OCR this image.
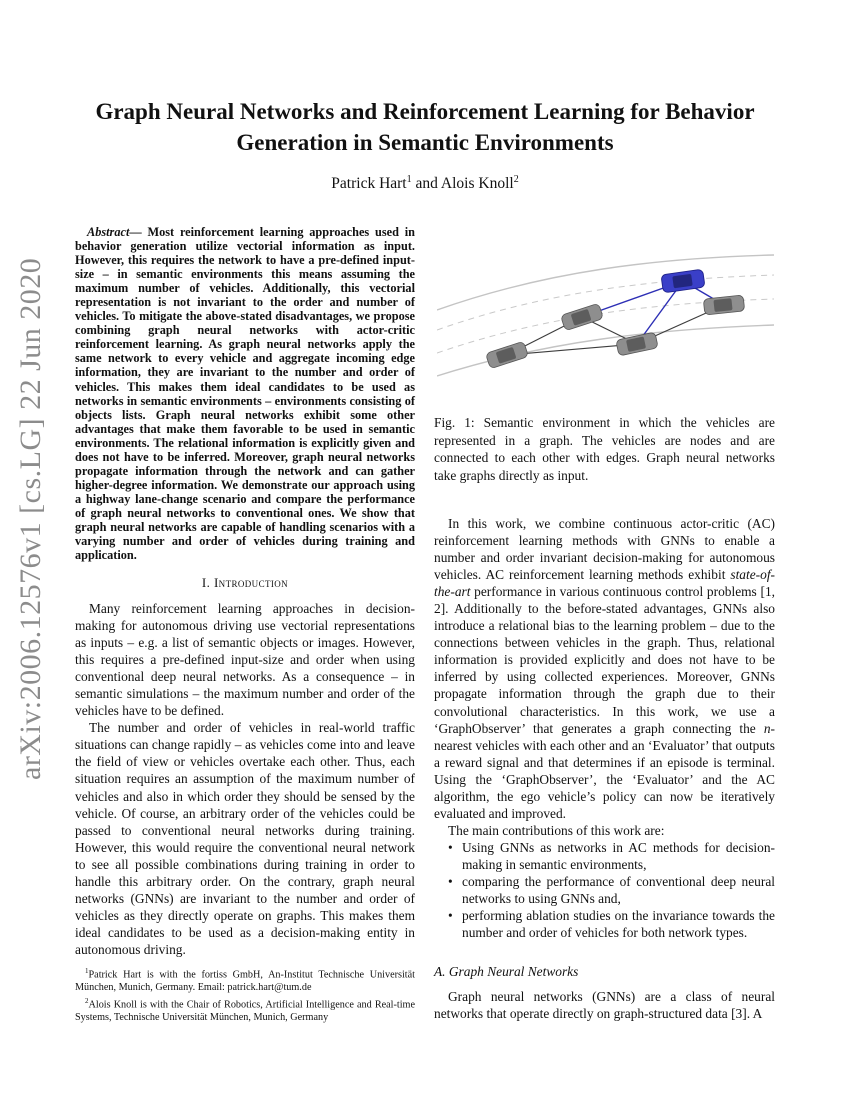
arXiv:2006.12576v1 [cs.LG] 22 Jun 2020
Graph Neural Networks and Reinforcement Learning for Behavior
Generation in Semantic Environments
Patrick Hart$^1$ and Alois Knoll$^2$
Abstract— Most reinforcement learning approaches used in behavior generation utilize vectorial information as input. However, this requires the network to have a pre-defined input-size – in semantic environments this means assuming the maximum number of vehicles. Additionally, this vectorial representation is not invariant to the order and number of vehicles. To mitigate the above-stated disadvantages, we propose combining graph neural networks with actor-critic reinforcement learning. As graph neural networks apply the same network to every vehicle and aggregate incoming edge information, they are invariant to the number and order of vehicles. This makes them ideal candidates to be used as networks in semantic environments – environments consisting of objects lists. Graph neural networks exhibit some other advantages that make them favorable to be used in semantic environments. The relational information is explicitly given and does not have to be inferred. Moreover, graph neural networks propagate information through the network and can gather higher-degree information. We demonstrate our approach using a highway lane-change scenario and compare the performance of graph neural networks to conventional ones. We show that graph neural networks are capable of handling scenarios with a varying number and order of vehicles during training and application.
I. Introduction

Many reinforcement learning approaches in decision-making for autonomous driving use vectorial representations as inputs – e.g. a list of semantic objects or images. However, this requires a pre-defined input-size and order when using conventional deep neural networks. As a consequence – in semantic simulations – the maximum number and order of the vehicles have to be defined.

The number and order of vehicles in real-world traffic situations can change rapidly – as vehicles come into and leave the field of view or vehicles overtake each other. Thus, each situation requires an assumption of the maximum number of vehicles and also in which order they should be sensed by the vehicle. Of course, an arbitrary order of the vehicles could be passed to conventional neural networks during training. However, this would require the conventional neural network to see all possible combinations during training in order to handle this arbitrary order. On the contrary, graph neural networks (GNNs) are invariant to the number and order of vehicles as they directly operate on graphs. This makes them ideal candidates to be used as a decision-making entity in autonomous driving.

$^1$Patrick Hart is with the fortiss GmbH, An-Institut Technische Universität München, Munich, Germany. Email: patrick.hart@tum.de

$^2$Alois Knoll is with the Chair of Robotics, Artificial Intelligence and Real-time Systems, Technische Universität München, Munich, Germany

Fig. 1: Semantic environment in which the vehicles are represented in a graph. The vehicles are nodes and are connected to each other with edges. Graph neural networks take graphs directly as input.

In this work, we combine continuous actor-critic (AC) reinforcement learning methods with GNNs to enable a number and order invariant decision-making for autonomous vehicles. AC reinforcement learning methods exhibit state-of-the-art performance in various continuous control problems [1, 2]. Additionally to the before-stated advantages, GNNs also introduce a relational bias to the learning problem – due to the connections between vehicles in the graph. Thus, relational information is provided explicitly and does not have to be inferred by using collected experiences. Moreover, GNNs propagate information through the graph due to their convolutional characteristics. In this work, we use a ‘GraphObserver’ that generates a graph connecting the n-nearest vehicles with each other and an ‘Evaluator’ that outputs a reward signal and that determines if an episode is terminal. Using the ‘GraphObserver’, the ‘Evaluator’ and the AC algorithm, the ego vehicle’s policy can now be iteratively evaluated and improved.

The main contributions of this work are:

• Using GNNs as networks in AC methods for decision-making in semantic environments,
• comparing the performance of conventional deep neural networks to using GNNs and,
• performing ablation studies on the invariance towards the number and order of vehicles for both network types.
A. Graph Neural Networks

Graph neural networks (GNNs) are a class of neural networks that operate directly on graph-structured data [3]. A
